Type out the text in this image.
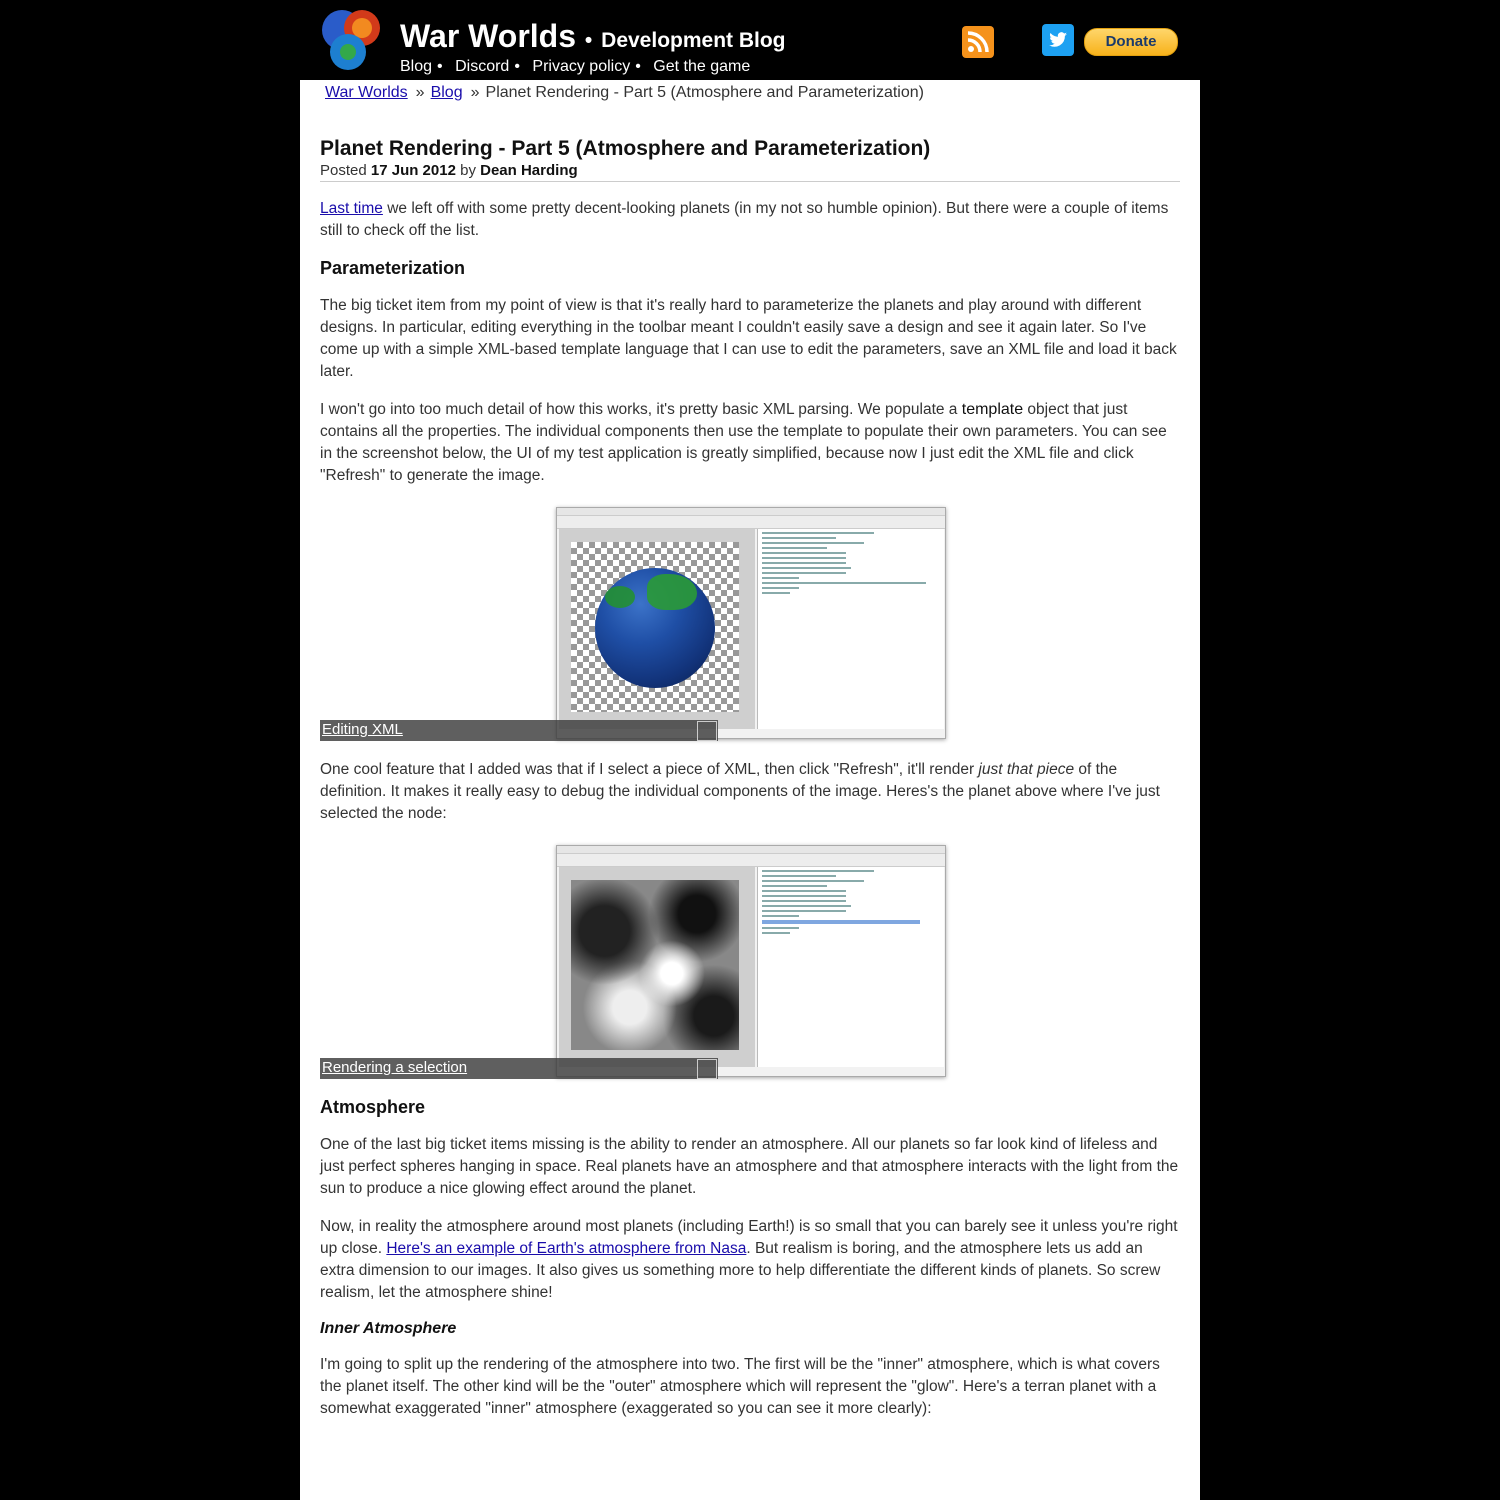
War Worlds • Development Blog
Blog • Discord • Privacy policy • Get the game
Donate
War Worlds » Blog » Planet Rendering - Part 5 (Atmosphere and Parameterization)
Planet Rendering - Part 5 (Atmosphere and Parameterization)
Posted 17 Jun 2012 by Dean Harding

Last time we left off with some pretty decent-looking planets (in my not so humble opinion). But there were a couple of items still to check off the list.

Parameterization

The big ticket item from my point of view is that it's really hard to parameterize the planets and play around with different designs. In particular, editing everything in the toolbar meant I couldn't easily save a design and see it again later. So I've come up with a simple XML-based template language that I can use to edit the parameters, save an XML file and load it back later.

I won't go into too much detail of how this works, it's pretty basic XML parsing. We populate a template object that just contains all the properties. The individual components then use the template to populate their own parameters. You can see in the screenshot below, the UI of my test application is greatly simplified, because now I just edit the XML file and click "Refresh" to generate the image.

Editing XML

One cool feature that I added was that if I select a piece of XML, then click "Refresh", it'll render just that piece of the definition. It makes it really easy to debug the individual components of the image. Heres's the planet above where I've just selected the node:

Rendering a selection
Atmosphere

One of the last big ticket items missing is the ability to render an atmosphere. All our planets so far look kind of lifeless and just perfect spheres hanging in space. Real planets have an atmosphere and that atmosphere interacts with the light from the sun to produce a nice glowing effect around the planet.

Now, in reality the atmosphere around most planets (including Earth!) is so small that you can barely see it unless you're right up close. Here's an example of Earth's atmosphere from Nasa. But realism is boring, and the atmosphere lets us add an extra dimension to our images. It also gives us something more to help differentiate the different kinds of planets. So screw realism, let the atmosphere shine!

Inner Atmosphere

I'm going to split up the rendering of the atmosphere into two. The first will be the "inner" atmosphere, which is what covers the planet itself. The other kind will be the "outer" atmosphere which will represent the "glow". Here's a terran planet with a somewhat exaggerated "inner" atmosphere (exaggerated so you can see it more clearly):
